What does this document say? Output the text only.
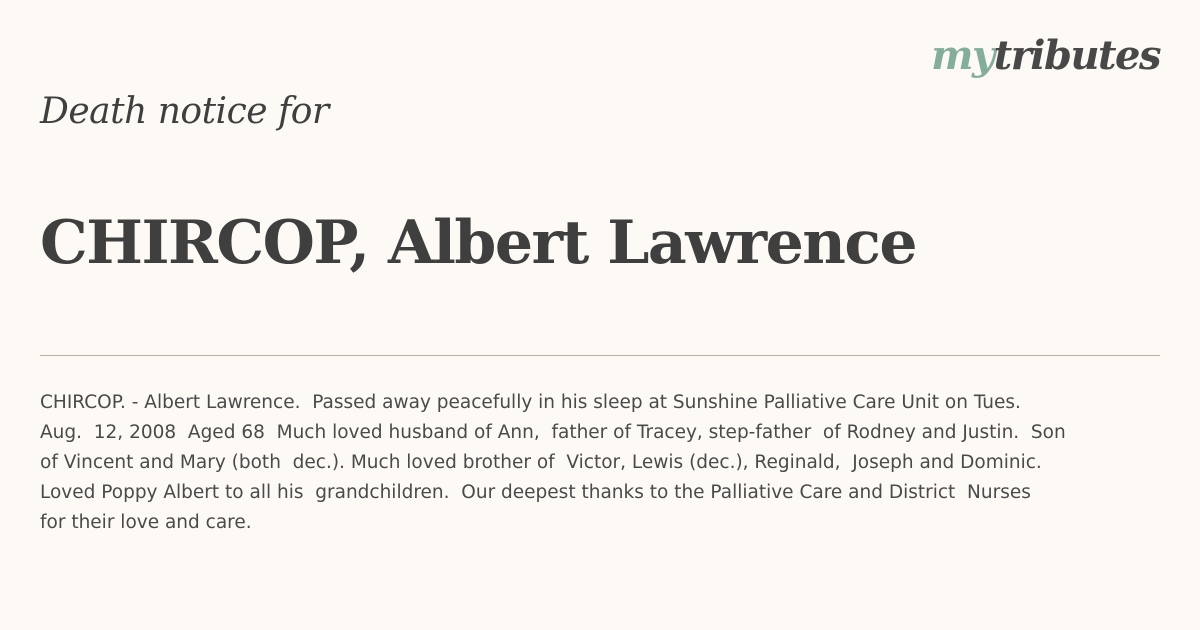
mytributes
Death notice for
CHIRCOP, Albert Lawrence
CHIRCOP. - Albert Lawrence.  Passed away peacefully in his sleep at Sunshine Palliative Care Unit on Tues.
Aug.  12, 2008  Aged 68  Much loved husband of Ann,  father of Tracey, step-father  of Rodney and Justin.  Son
of Vincent and Mary (both  dec.). Much loved brother of  Victor, Lewis (dec.), Reginald,  Joseph and Dominic.
Loved Poppy Albert to all his  grandchildren.  Our deepest thanks to the Palliative Care and District  Nurses
for their love and care.
